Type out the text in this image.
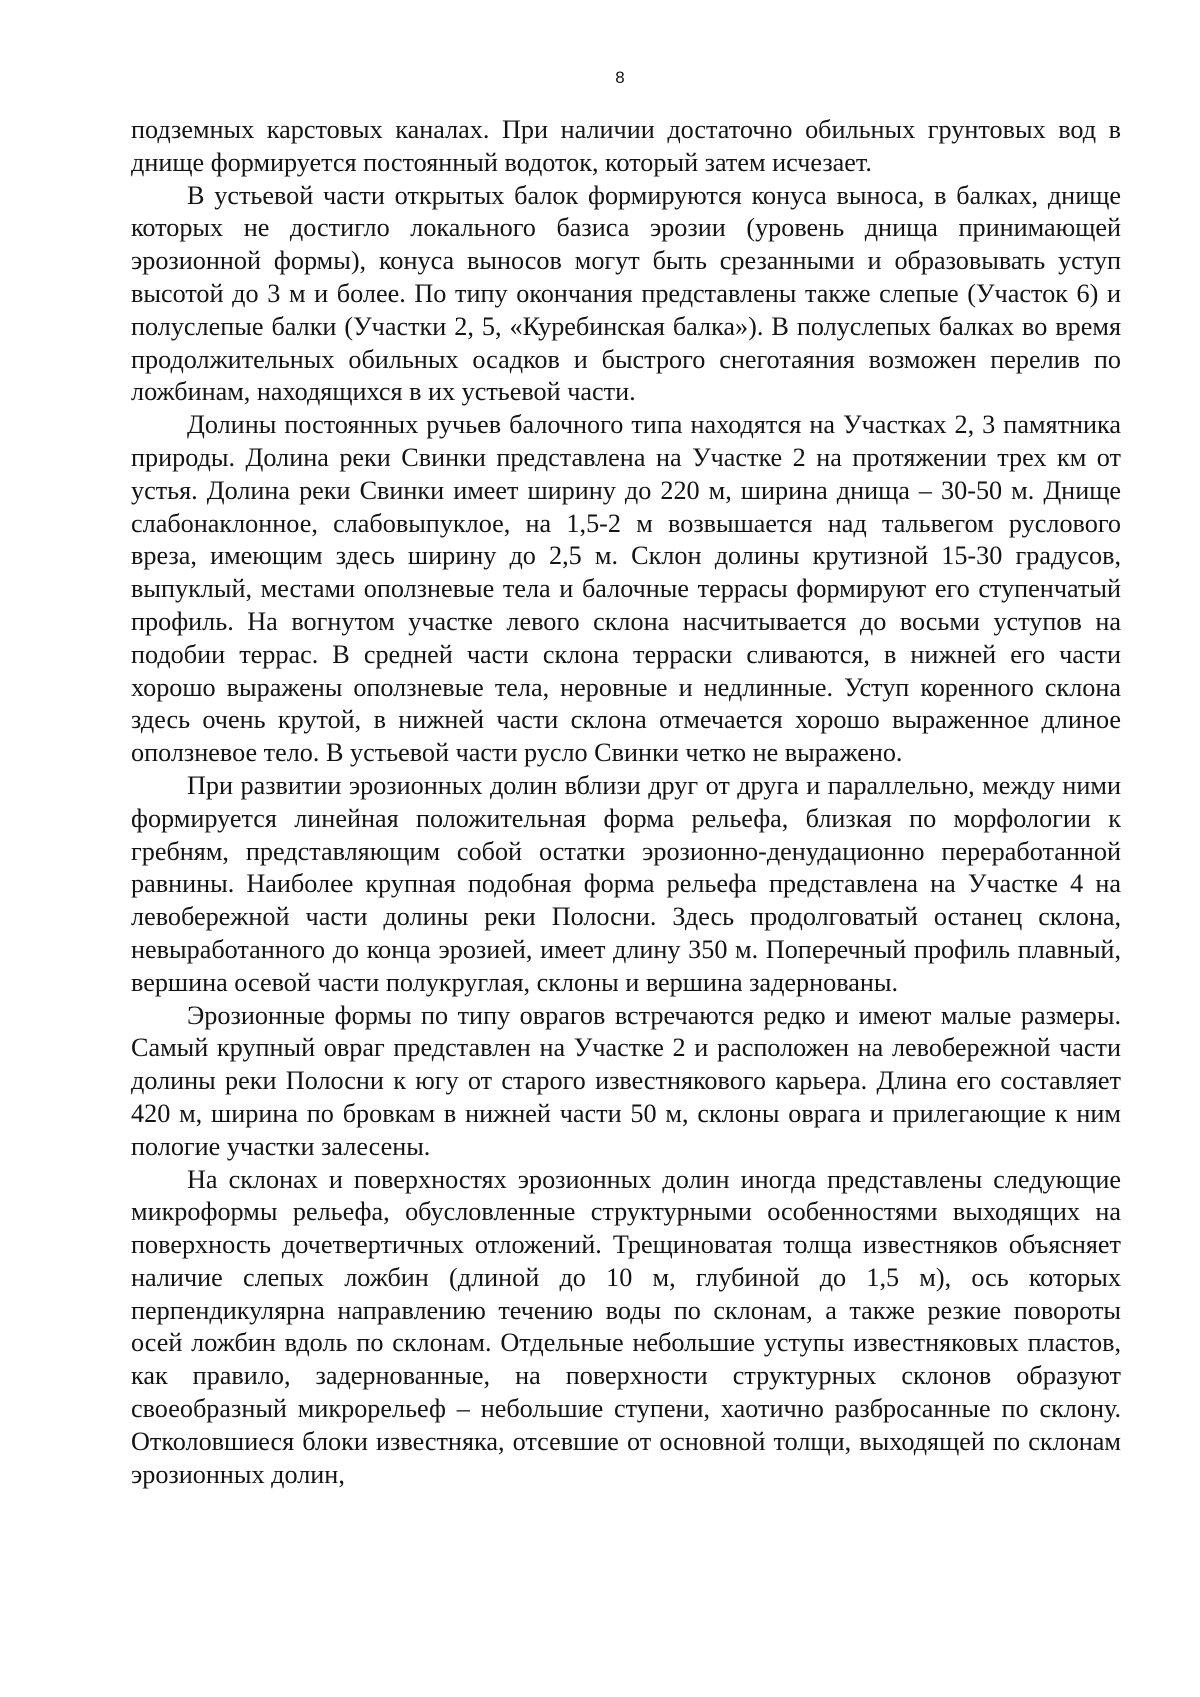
8

подземных карстовых каналах. При наличии достаточно обильных грунтовых вод в днище формируется постоянный водоток, который затем исчезает.

В устьевой части открытых балок формируются конуса выноса, в балках, днище которых не достигло локального базиса эрозии (уровень днища принимающей эрозионной формы), конуса выносов могут быть срезанными и образовывать уступ высотой до 3 м и более. По типу окончания представлены также слепые (Участок 6) и полуслепые балки (Участки 2, 5, «Куребинская балка»). В полуслепых балках во время продолжительных обильных осадков и быстрого снеготаяния возможен перелив по ложбинам, находящихся в их устьевой части.

Долины постоянных ручьев балочного типа находятся на Участках 2, 3 памятника природы. Долина реки Свинки представлена на Участке 2 на протяжении трех км от устья. Долина реки Свинки имеет ширину до 220 м, ширина днища – 30-50 м. Днище слабонаклонное, слабовыпуклое, на 1,5-2 м возвышается над тальвегом руслового вреза, имеющим здесь ширину до 2,5 м. Склон долины крутизной 15-30 градусов, выпуклый, местами оползневые тела и балочные террасы формируют его ступенчатый профиль. На вогнутом участке левого склона насчитывается до восьми уступов на подобии террас. В средней части склона терраски сливаются, в нижней его части хорошо выражены оползневые тела, неровные и недлинные. Уступ коренного склона здесь очень крутой, в нижней части склона отмечается хорошо выраженное длиное оползневое тело. В устьевой части русло Свинки четко не выражено.

При развитии эрозионных долин вблизи друг от друга и параллельно, между ними формируется линейная положительная форма рельефа, близкая по морфологии к гребням, представляющим собой остатки эрозионно-денудационно переработанной равнины. Наиболее крупная подобная форма рельефа представлена на Участке 4 на левобережной части долины реки Полосни. Здесь продолговатый останец склона, невыработанного до конца эрозией, имеет длину 350 м. Поперечный профиль плавный, вершина осевой части полукруглая, склоны и вершина задернованы.

Эрозионные формы по типу оврагов встречаются редко и имеют малые размеры. Самый крупный овраг представлен на Участке 2 и расположен на левобережной части долины реки Полосни к югу от старого известнякового карьера. Длина его составляет 420 м, ширина по бровкам в нижней части 50 м, склоны оврага и прилегающие к ним пологие участки залесены.

На склонах и поверхностях эрозионных долин иногда представлены следующие микроформы рельефа, обусловленные структурными особенностями выходящих на поверхность дочетвертичных отложений. Трещиноватая толща известняков объясняет наличие слепых ложбин (длиной до 10 м, глубиной до 1,5 м), ось которых перпендикулярна направлению течению воды по склонам, а также резкие повороты осей ложбин вдоль по склонам. Отдельные небольшие уступы известняковых пластов, как правило, задернованные, на поверхности структурных склонов образуют своеобразный микрорельеф – небольшие ступени, хаотично разбросанные по склону. Отколовшиеся блоки известняка, отсевшие от основной толщи, выходящей по склонам эрозионных долин,
